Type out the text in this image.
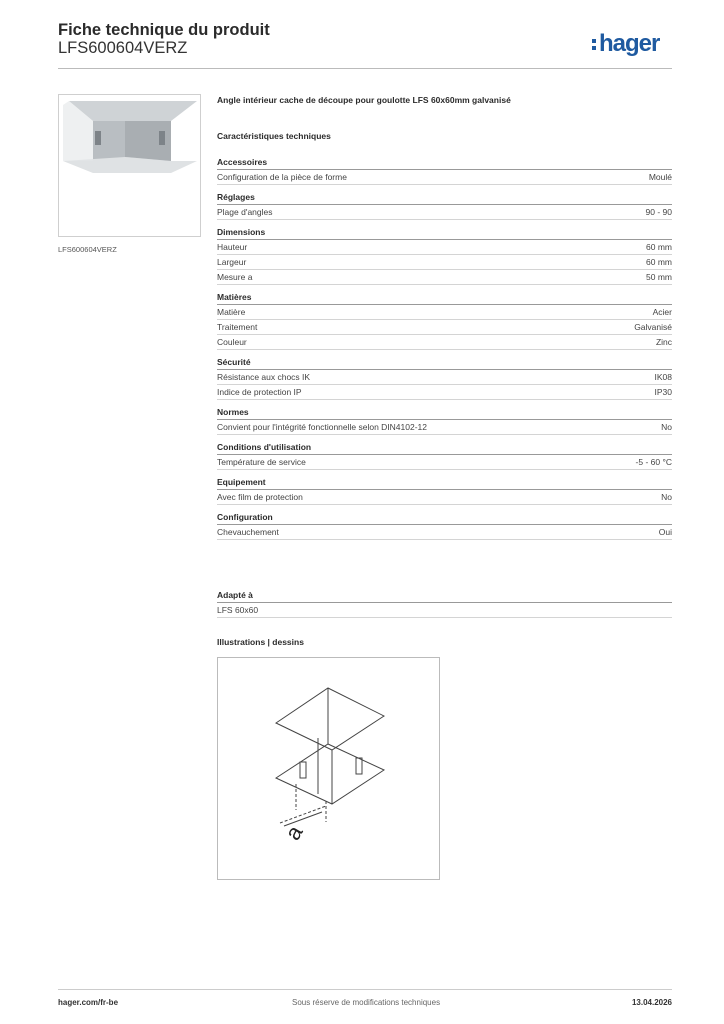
Fiche technique du produit
LFS600604VERZ	hager
LFS600604VERZ
Angle intérieur cache de découpe pour goulotte LFS 60x60mm galvanisé
Caractéristiques techniques
Accessoires
Configuration de la pièce de forme	Moulé
Réglages
Plage d'angles	90 - 90
Dimensions
Hauteur	60 mm
Largeur	60 mm
Mesure a	50 mm
Matières
Matière	Acier
Traitement	Galvanisé
Couleur	Zinc
Sécurité
Résistance aux chocs IK	IK08
Indice de protection IP	IP30
Normes
Convient pour l'intégrité fonctionnelle selon DIN4102-12	No
Conditions d'utilisation
Température de service	-5 - 60 °C
Equipement
Avec film de protection	No
Configuration
Chevauchement	Oui
Adapté à
LFS 60x60
Illustrations | dessins
a
hager.com/fr-be	Sous réserve de modifications techniques	13.04.2026
